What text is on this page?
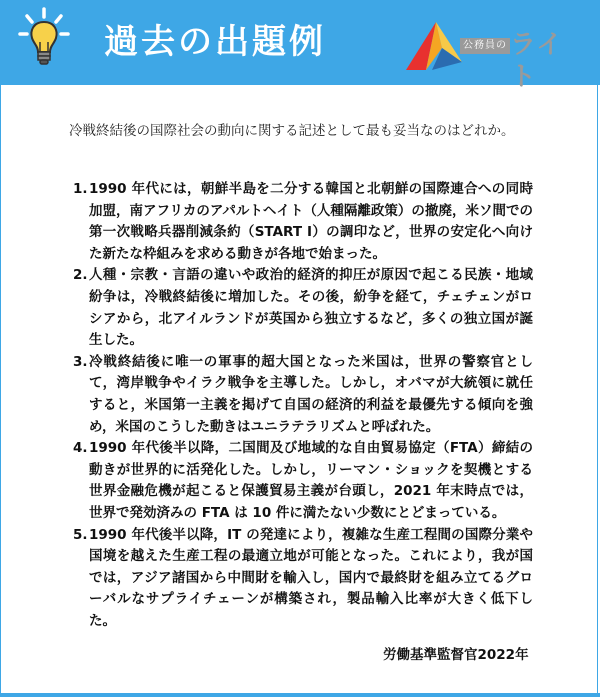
過去の出題例	公務員の ライト
冷戦終結後の国際社会の動向に関する記述として最も妥当なのはどれか。
1. 1990 年代には，朝鮮半島を二分する韓国と北朝鮮の国際連合への同時加盟，南アフリカのアパルトヘイト（人種隔離政策）の撤廃，米ソ間での第一次戦略兵器削減条約（START I）の調印など，世界の安定化へ向けた新たな枠組みを求める動きが各地で始まった。
2. 人種・宗教・言語の違いや政治的経済的抑圧が原因で起こる民族・地域紛争は，冷戦終結後に増加した。その後，紛争を経て，チェチェンがロシアから，北アイルランドが英国から独立するなど，多くの独立国が誕生した。
3. 冷戦終結後に唯一の軍事的超大国となった米国は，世界の警察官として，湾岸戦争やイラク戦争を主導した。しかし，オバマが大統領に就任すると，米国第一主義を掲げて自国の経済的利益を最優先する傾向を強め，米国のこうした動きはユニラテラリズムと呼ばれた。
4. 1990 年代後半以降，二国間及び地域的な自由貿易協定（FTA）締結の動きが世界的に活発化した。しかし，リーマン・ショックを契機とする世界金融危機が起こると保護貿易主義が台頭し，2021 年末時点では，世界で発効済みの FTA は 10 件に満たない少数にとどまっている。
5. 1990 年代後半以降，IT の発達により，複雑な生産工程間の国際分業や国境を越えた生産工程の最適立地が可能となった。これにより，我が国では，アジア諸国から中間財を輸入し，国内で最終財を組み立てるグローバルなサプライチェーンが構築され，製品輸入比率が大きく低下した。
労働基準監督官2022年
